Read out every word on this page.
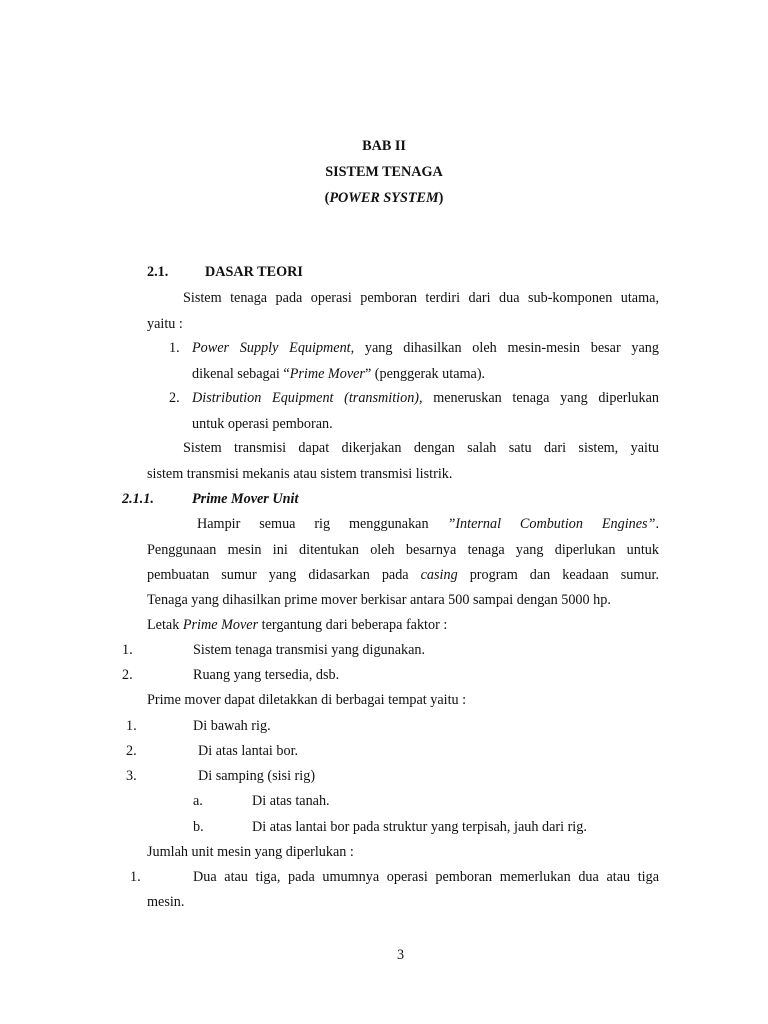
BAB II
SISTEM TENAGA
(POWER SYSTEM)
2.1.	DASAR TEORI
Sistem tenaga pada operasi pemboran terdiri dari dua sub-komponen utama,
yaitu :
1. Power Supply Equipment, yang dihasilkan oleh mesin-mesin besar yang
dikenal sebagai “Prime Mover” (penggerak utama).
2. Distribution Equipment (transmition), meneruskan tenaga yang diperlukan
untuk operasi pemboran.
Sistem transmisi dapat dikerjakan dengan salah satu dari sistem, yaitu
sistem transmisi mekanis atau sistem transmisi listrik.
2.1.1.	Prime Mover Unit
Hampir semua rig menggunakan ”Internal Combution Engines”.
Penggunaan mesin ini ditentukan oleh besarnya tenaga yang diperlukan untuk
pembuatan sumur yang didasarkan pada casing program dan keadaan sumur.
Tenaga yang dihasilkan prime mover berkisar antara 500 sampai dengan 5000 hp.
Letak Prime Mover tergantung dari beberapa faktor :
1.	Sistem tenaga transmisi yang digunakan.
2.	Ruang yang tersedia, dsb.
Prime mover dapat diletakkan di berbagai tempat yaitu :
1.	Di bawah rig.
2.	Di atas lantai bor.
3.	Di samping (sisi rig)
a.	Di atas tanah.
b.	Di atas lantai bor pada struktur yang terpisah, jauh dari rig.
Jumlah unit mesin yang diperlukan :
1.	Dua atau tiga, pada umumnya operasi pemboran memerlukan dua atau tiga
mesin.
3
